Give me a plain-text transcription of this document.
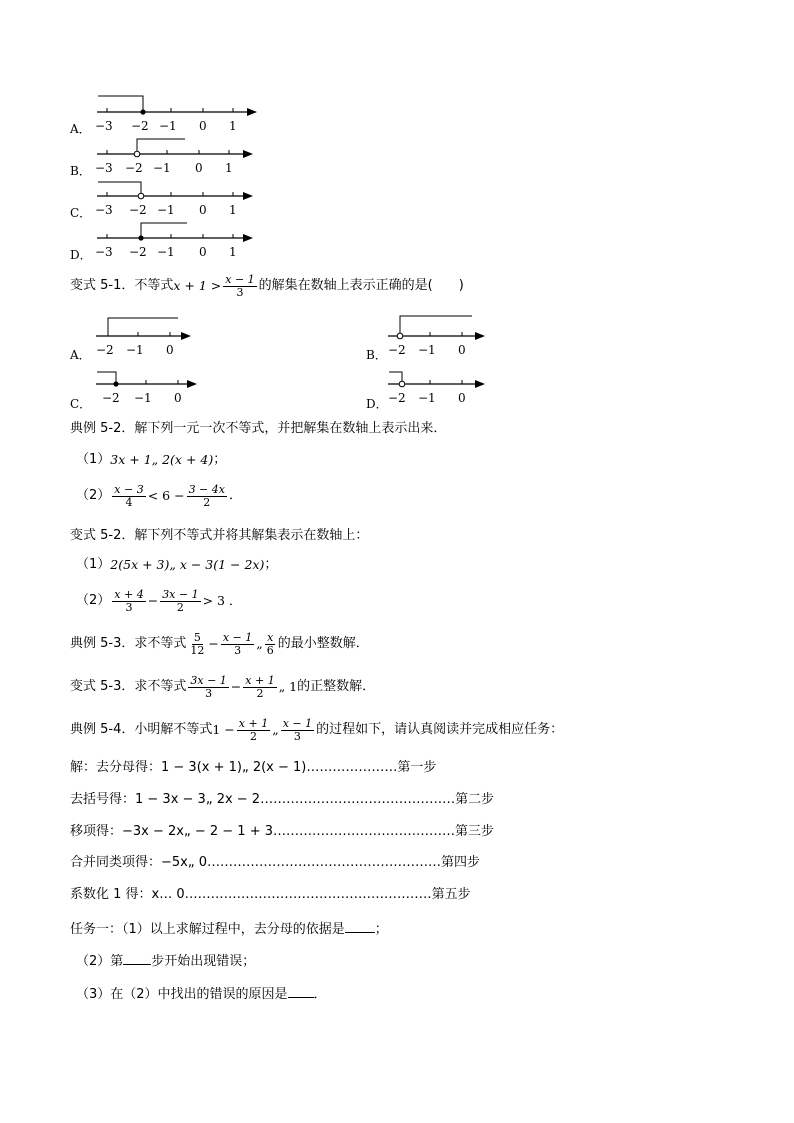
A． −3 −2 −1 0 1
B． −3 −2 −1 0 1
C． −3 −2 −1 0 1
D． −3 −2 −1 0 1
变式 5-1．不等式 $x + 1 > \frac{x - 1}{3}$ 的解集在数轴上表示正确的是(　　)
A． −2 −1 0	B． −2 −1 0
C． −2 −1 0	D． −2 −1 0
典例 5-2．解下列一元一次不等式，并把解集在数轴上表示出来．
（1） 3x + 1„ 2(x + 4) ；
$(2) \frac{x - 3}{4} < 6 - \frac{3 - 4x}{2}$ ．
变式 5-2．解下列不等式并将其解集表示在数轴上：
（1） 2(5x + 3)„ x − 3(1 − 2x) ；
$(2) \frac{x + 4}{3} - \frac{3x - 1}{2} > 3$ ．
典例 5-3．求不等式 $\frac{5}{12} - \frac{x - 1}{3}$ „ $\frac{x}{6}$ 的最小整数解．
变式 5-3．求不等式 $\frac{3x - 1}{3} - \frac{x + 1}{2}$ „ 1 的正整数解．
典例 5-4．小明解不等式 $1 - \frac{x + 1}{2}$ „ $\frac{x - 1}{3}$ 的过程如下，请认真阅读并完成相应任务：
解：去分母得：1 − 3(x + 1)„ 2(x − 1)…………………第一步
去括号得：1 − 3x − 3„ 2x − 2………………………………………第二步
移项得：−3x − 2x„ − 2 − 1 + 3……………………………………第三步
合并同类项得：−5x„ 0………………………………………………第四步
系数化 1 得：x… 0…………………………………………………第五步
任务一：（1）以上求解过程中，去分母的依据是 ；
（2）第 步开始出现错误；
（3）在（2）中找出的错误的原因是 ．
